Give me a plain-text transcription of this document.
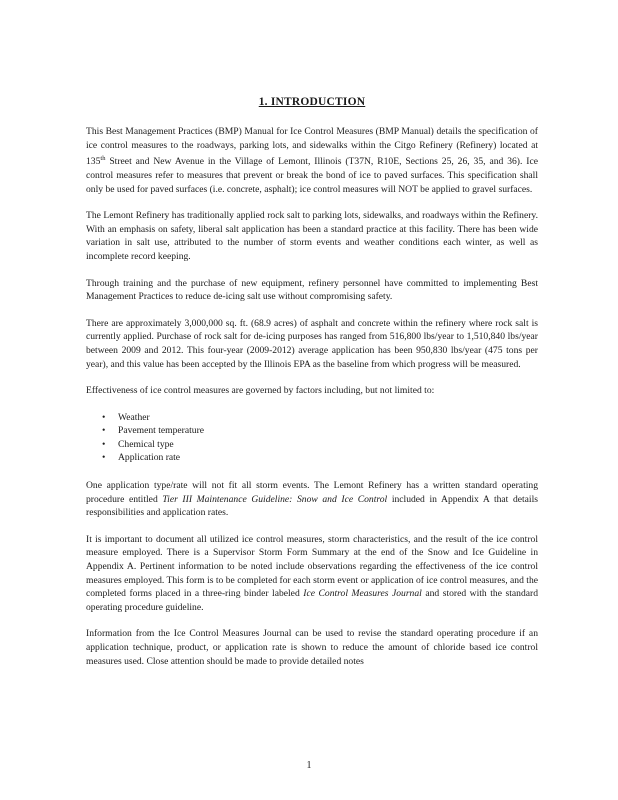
1. INTRODUCTION

This Best Management Practices (BMP) Manual for Ice Control Measures (BMP Manual) details the specification of ice control measures to the roadways, parking lots, and sidewalks within the Citgo Refinery (Refinery) located at 135th Street and New Avenue in the Village of Lemont, Illinois (T37N, R10E, Sections 25, 26, 35, and 36). Ice control measures refer to measures that prevent or break the bond of ice to paved surfaces. This specification shall only be used for paved surfaces (i.e. concrete, asphalt); ice control measures will NOT be applied to gravel surfaces.

The Lemont Refinery has traditionally applied rock salt to parking lots, sidewalks, and roadways within the Refinery. With an emphasis on safety, liberal salt application has been a standard practice at this facility. There has been wide variation in salt use, attributed to the number of storm events and weather conditions each winter, as well as incomplete record keeping.

Through training and the purchase of new equipment, refinery personnel have committed to implementing Best Management Practices to reduce de-icing salt use without compromising safety.

There are approximately 3,000,000 sq. ft. (68.9 acres) of asphalt and concrete within the refinery where rock salt is currently applied. Purchase of rock salt for de-icing purposes has ranged from 516,800 lbs/year to 1,510,840 lbs/year between 2009 and 2012. This four-year (2009-2012) average application has been 950,830 lbs/year (475 tons per year), and this value has been accepted by the Illinois EPA as the baseline from which progress will be measured.

Effectiveness of ice control measures are governed by factors including, but not limited to:

• Weather
• Pavement temperature
• Chemical type
• Application rate

One application type/rate will not fit all storm events. The Lemont Refinery has a written standard operating procedure entitled Tier III Maintenance Guideline: Snow and Ice Control included in Appendix A that details responsibilities and application rates.

It is important to document all utilized ice control measures, storm characteristics, and the result of the ice control measure employed. There is a Supervisor Storm Form Summary at the end of the Snow and Ice Guideline in Appendix A. Pertinent information to be noted include observations regarding the effectiveness of the ice control measures employed. This form is to be completed for each storm event or application of ice control measures, and the completed forms placed in a three-ring binder labeled Ice Control Measures Journal and stored with the standard operating procedure guideline.

Information from the Ice Control Measures Journal can be used to revise the standard operating procedure if an application technique, product, or application rate is shown to reduce the amount of chloride based ice control measures used. Close attention should be made to provide detailed notes

1
